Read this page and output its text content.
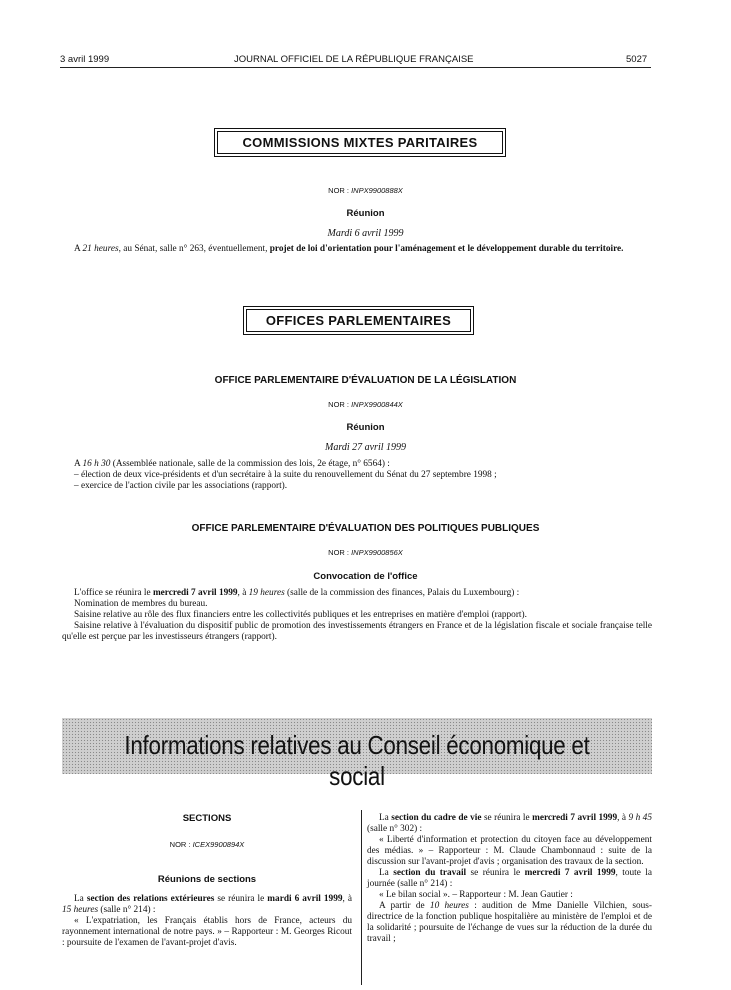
3 avril 1999	JOURNAL OFFICIEL DE LA RÉPUBLIQUE FRANÇAISE	5027
COMMISSIONS MIXTES PARITAIRES
NOR : INPX9900888X
Réunion
Mardi 6 avril 1999

A 21 heures, au Sénat, salle n° 263, éventuellement, projet de loi d'orientation pour l'aménagement et le développement durable du territoire.

OFFICES PARLEMENTAIRES
OFFICE PARLEMENTAIRE D'ÉVALUATION DE LA LÉGISLATION
NOR : INPX9900844X
Réunion
Mardi 27 avril 1999

A 16 h 30 (Assemblée nationale, salle de la commission des lois, 2e étage, n° 6564) :

– élection de deux vice-présidents et d'un secrétaire à la suite du renouvellement du Sénat du 27 septembre 1998 ;

– exercice de l'action civile par les associations (rapport).

OFFICE PARLEMENTAIRE D'ÉVALUATION DES POLITIQUES PUBLIQUES
NOR : INPX9900856X
Convocation de l'office

L'office se réunira le mercredi 7 avril 1999, à 19 heures (salle de la commission des finances, Palais du Luxembourg) :

Nomination de membres du bureau.

Saisine relative au rôle des flux financiers entre les collectivités publiques et les entreprises en matière d'emploi (rapport).

Saisine relative à l'évaluation du dispositif public de promotion des investissements étrangers en France et de la législation fiscale et sociale française telle qu'elle est perçue par les investisseurs étrangers (rapport).

Informations relatives au Conseil économique et social
SECTIONS
NOR : ICEX9900894X
Réunions de sections

La section des relations extérieures se réunira le mardi 6 avril 1999, à 15 heures (salle n° 214) :

« L'expatriation, les Français établis hors de France, acteurs du rayonnement international de notre pays. » – Rapporteur : M. Georges Ricout : poursuite de l'examen de l'avant-projet d'avis.

La section du cadre de vie se réunira le mercredi 7 avril 1999, à 9 h 45 (salle n° 302) :

« Liberté d'information et protection du citoyen face au développement des médias. » – Rapporteur : M. Claude Chambonnaud : suite de la discussion sur l'avant-projet d'avis ; organisation des travaux de la section.

La section du travail se réunira le mercredi 7 avril 1999, toute la journée (salle n° 214) :

« Le bilan social ». – Rapporteur : M. Jean Gautier :

A partir de 10 heures : audition de Mme Danielle Vilchien, sous-directrice de la fonction publique hospitalière au ministère de l'emploi et de la solidarité ; poursuite de l'échange de vues sur la réduction de la durée du travail ;
